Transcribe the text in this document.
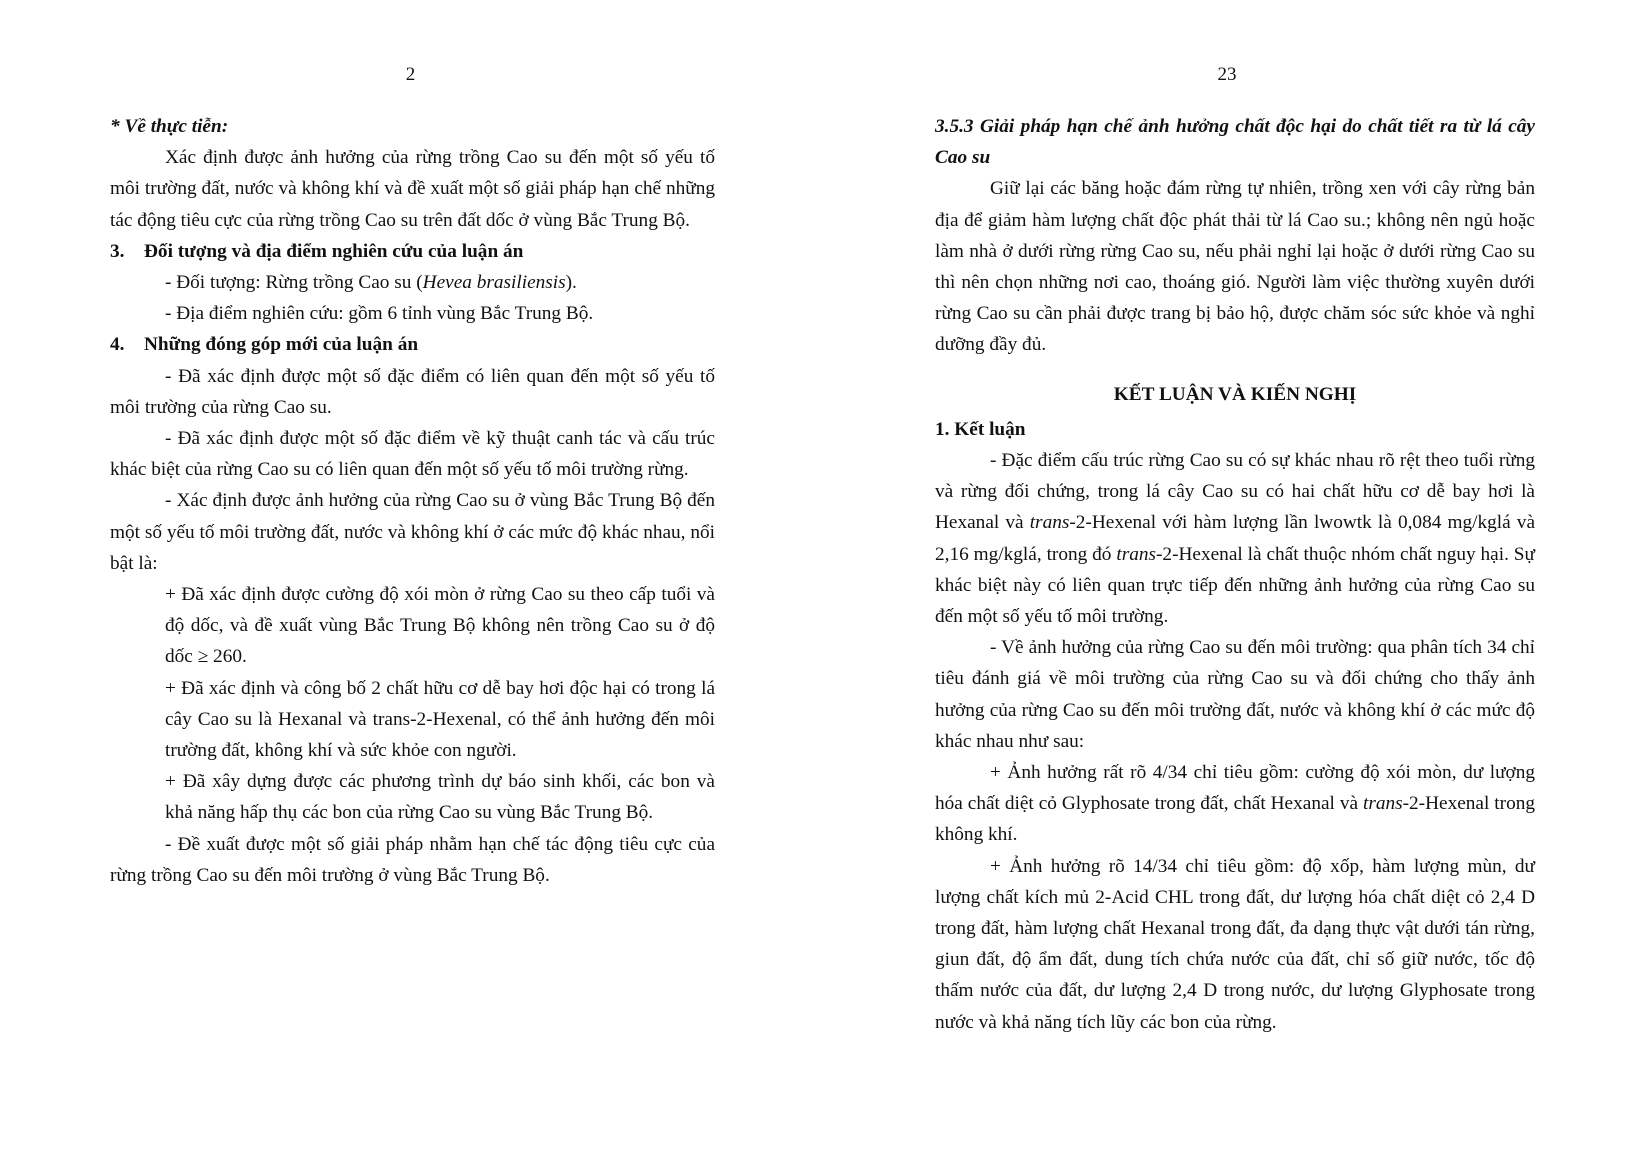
2

* Về thực tiễn:

Xác định được ảnh hưởng của rừng trồng Cao su đến một số yếu tố môi trường đất, nước và không khí và đề xuất một số giải pháp hạn chế những tác động tiêu cực của rừng trồng Cao su trên đất dốc ở vùng Bắc Trung Bộ.

3. Đối tượng và địa điểm nghiên cứu của luận án

- Đối tượng: Rừng trồng Cao su (Hevea brasiliensis).

- Địa điểm nghiên cứu: gồm 6 tỉnh vùng Bắc Trung Bộ.

4. Những đóng góp mới của luận án

- Đã xác định được một số đặc điểm có liên quan đến một số yếu tố môi trường của rừng Cao su.

- Đã xác định được một số đặc điểm về kỹ thuật canh tác và cấu trúc khác biệt của rừng Cao su có liên quan đến một số yếu tố môi trường rừng.

- Xác định được ảnh hưởng của rừng Cao su ở vùng Bắc Trung Bộ đến một số yếu tố môi trường đất, nước và không khí ở các mức độ khác nhau, nổi bật là:

+ Đã xác định được cường độ xói mòn ở rừng Cao su theo cấp tuổi và độ dốc, và đề xuất vùng Bắc Trung Bộ không nên trồng Cao su ở độ dốc ≥ 260.

+ Đã xác định và công bố 2 chất hữu cơ dễ bay hơi độc hại có trong lá cây Cao su là Hexanal và trans-2-Hexenal, có thể ảnh hưởng đến môi trường đất, không khí và sức khỏe con người.

+ Đã xây dựng được các phương trình dự báo sinh khối, các bon và khả năng hấp thụ các bon của rừng Cao su vùng Bắc Trung Bộ.

- Đề xuất được một số giải pháp nhằm hạn chế tác động tiêu cực của rừng trồng Cao su đến môi trường ở vùng Bắc Trung Bộ.

23

3.5.3 Giải pháp hạn chế ảnh hưởng chất độc hại do chất tiết ra từ lá cây Cao su

Giữ lại các băng hoặc đám rừng tự nhiên, trồng xen với cây rừng bản địa để giảm hàm lượng chất độc phát thải từ lá Cao su.; không nên ngủ hoặc làm nhà ở dưới rừng rừng Cao su, nếu phải nghỉ lại hoặc ở dưới rừng Cao su thì nên chọn những nơi cao, thoáng gió. Người làm việc thường xuyên dưới rừng Cao su cần phải được trang bị bảo hộ, được chăm sóc sức khỏe và nghỉ dưỡng đầy đủ.

KẾT LUẬN VÀ KIẾN NGHỊ

1. Kết luận

- Đặc điểm cấu trúc rừng Cao su có sự khác nhau rõ rệt theo tuổi rừng và rừng đối chứng, trong lá cây Cao su có hai chất hữu cơ dễ bay hơi là Hexanal và trans-2-Hexenal với hàm lượng lần lwowtk là 0,084 mg/kglá và 2,16 mg/kglá, trong đó trans-2-Hexenal là chất thuộc nhóm chất nguy hại. Sự khác biệt này có liên quan trực tiếp đến những ảnh hưởng của rừng Cao su đến một số yếu tố môi trường.

- Về ảnh hưởng của rừng Cao su đến môi trường: qua phân tích 34 chỉ tiêu đánh giá về môi trường của rừng Cao su và đối chứng cho thấy ảnh hưởng của rừng Cao su đến môi trường đất, nước và không khí ở các mức độ khác nhau như sau:

+ Ảnh hưởng rất rõ 4/34 chỉ tiêu gồm: cường độ xói mòn, dư lượng hóa chất diệt cỏ Glyphosate trong đất, chất Hexanal và trans-2-Hexenal trong không khí.

+ Ảnh hưởng rõ 14/34 chỉ tiêu gồm: độ xốp, hàm lượng mùn, dư lượng chất kích mủ 2-Acid CHL trong đất, dư lượng hóa chất diệt cỏ 2,4 D trong đất, hàm lượng chất Hexanal trong đất, đa dạng thực vật dưới tán rừng, giun đất, độ ẩm đất, dung tích chứa nước của đất, chỉ số giữ nước, tốc độ thấm nước của đất, dư lượng 2,4 D trong nước, dư lượng Glyphosate trong nước và khả năng tích lũy các bon của rừng.
